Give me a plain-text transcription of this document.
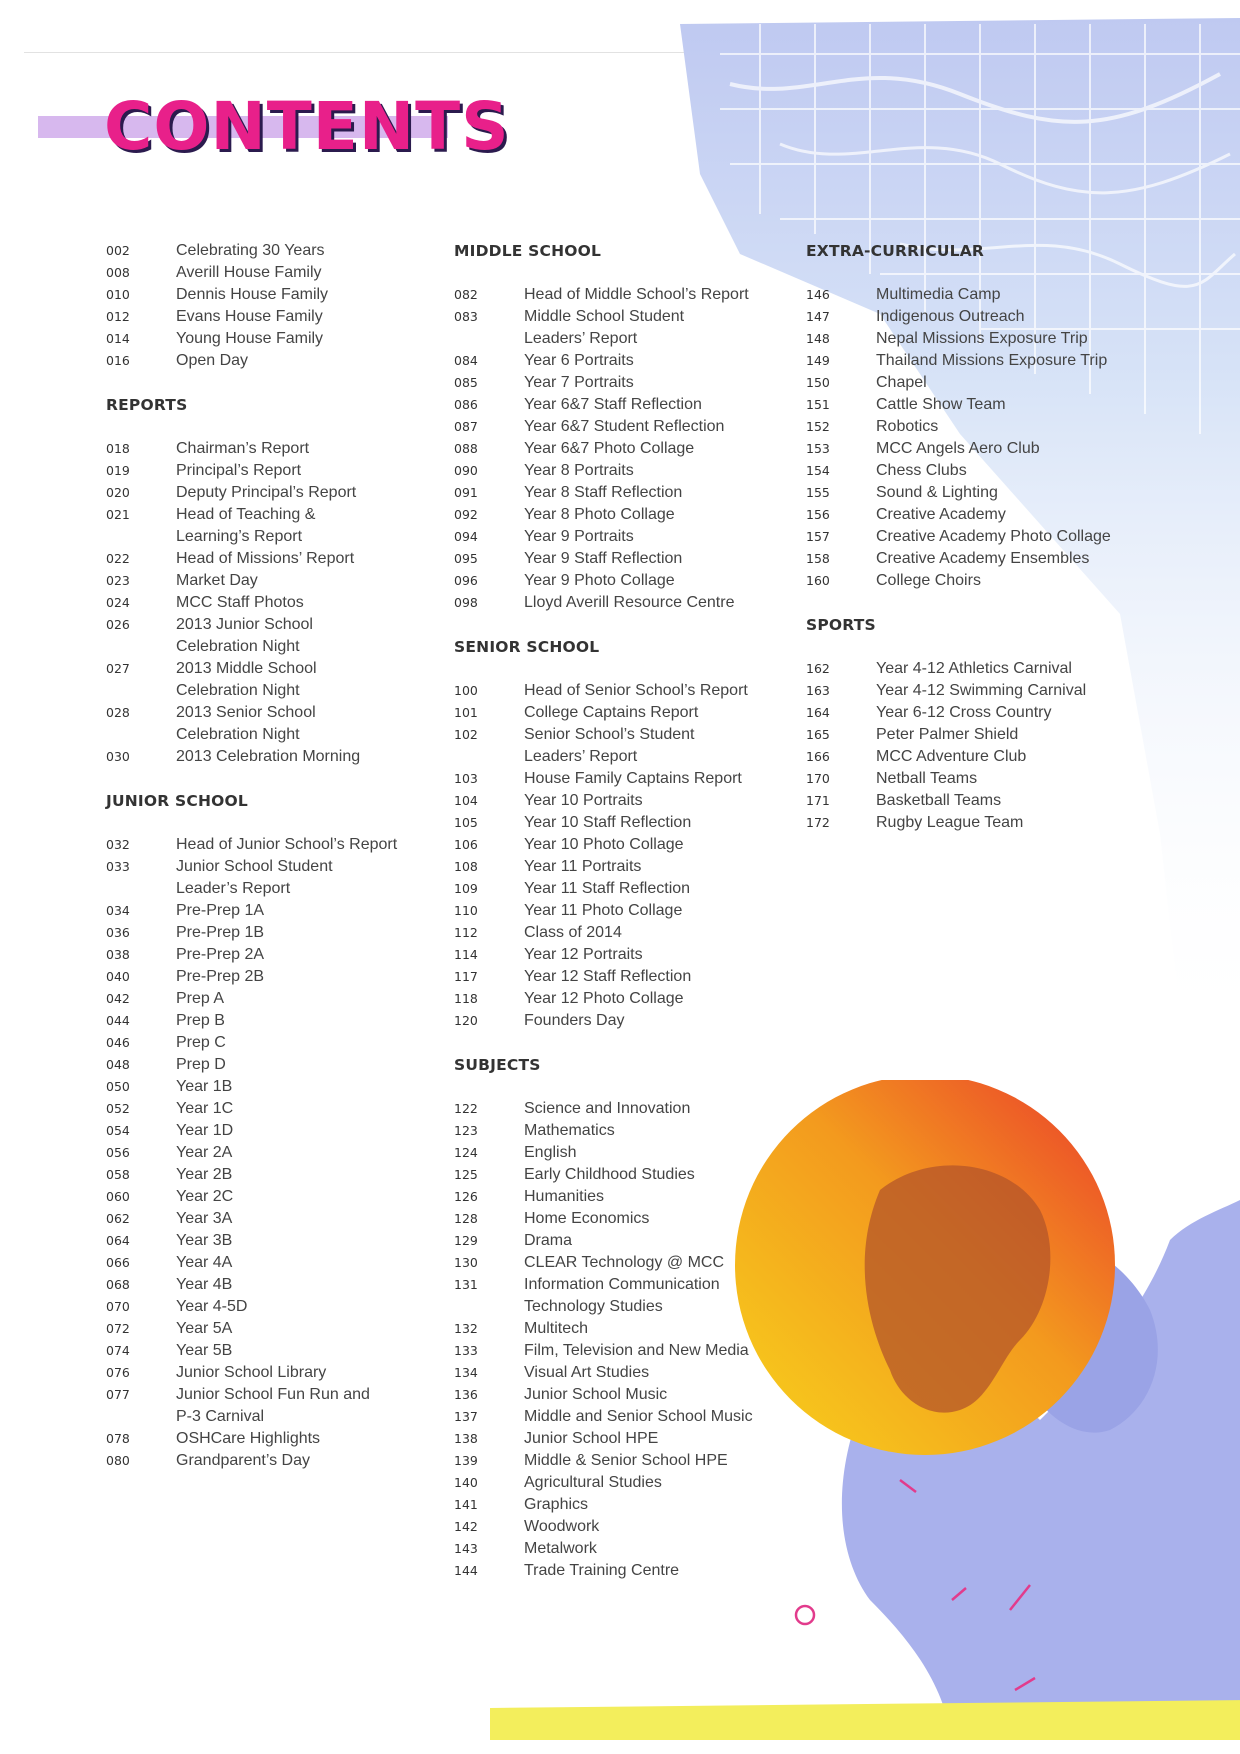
CONTENTS
002	Celebrating 30 Years
008	Averill House Family
010	Dennis House Family
012	Evans House Family
014	Young House Family
016	Open Day
REPORTS
018	Chairman’s Report
019	Principal’s Report
020	Deputy Principal’s Report
021	Head of Teaching &
Learning’s Report
022	Head of Missions’ Report
023	Market Day
024	MCC Staff Photos
026	2013 Junior School
Celebration Night
027	2013 Middle School
Celebration Night
028	2013 Senior School
Celebration Night
030	2013 Celebration Morning
JUNIOR SCHOOL
032	Head of Junior School’s Report
033	Junior School Student
Leader’s Report
034	Pre-Prep 1A
036	Pre-Prep 1B
038	Pre-Prep 2A
040	Pre-Prep 2B
042	Prep A
044	Prep B
046	Prep C
048	Prep D
050	Year 1B
052	Year 1C
054	Year 1D
056	Year 2A
058	Year 2B
060	Year 2C
062	Year 3A
064	Year 3B
066	Year 4A
068	Year 4B
070	Year 4-5D
072	Year 5A
074	Year 5B
076	Junior School Library
077	Junior School Fun Run and
P-3 Carnival
078	OSHCare Highlights
080	Grandparent’s Day
MIDDLE SCHOOL
082	Head of Middle School’s Report
083	Middle School Student
Leaders’ Report
084	Year 6 Portraits
085	Year 7 Portraits
086	Year 6&7 Staff Reflection
087	Year 6&7 Student Reflection
088	Year 6&7 Photo Collage
090	Year 8 Portraits
091	Year 8 Staff Reflection
092	Year 8 Photo Collage
094	Year 9 Portraits
095	Year 9 Staff Reflection
096	Year 9 Photo Collage
098	Lloyd Averill Resource Centre
SENIOR SCHOOL
100	Head of Senior School’s Report
101	College Captains Report
102	Senior School’s Student
Leaders’ Report
103	House Family Captains Report
104	Year 10 Portraits
105	Year 10 Staff Reflection
106	Year 10 Photo Collage
108	Year 11 Portraits
109	Year 11 Staff Reflection
110	Year 11 Photo Collage
112	Class of 2014
114	Year 12 Portraits
117	Year 12 Staff Reflection
118	Year 12 Photo Collage
120	Founders Day
SUBJECTS
122	Science and Innovation
123	Mathematics
124	English
125	Early Childhood Studies
126	Humanities
128	Home Economics
129	Drama
130	CLEAR Technology @ MCC
131	Information Communication
Technology Studies
132	Multitech
133	Film, Television and New Media
134	Visual Art Studies
136	Junior School Music
137	Middle and Senior School Music
138	Junior School HPE
139	Middle & Senior School HPE
140	Agricultural Studies
141	Graphics
142	Woodwork
143	Metalwork
144	Trade Training Centre
EXTRA-CURRICULAR
146	Multimedia Camp
147	Indigenous Outreach
148	Nepal Missions Exposure Trip
149	Thailand Missions Exposure Trip
150	Chapel
151	Cattle Show Team
152	Robotics
153	MCC Angels Aero Club
154	Chess Clubs
155	Sound & Lighting
156	Creative Academy
157	Creative Academy Photo Collage
158	Creative Academy Ensembles
160	College Choirs
SPORTS
162	Year 4-12 Athletics Carnival
163	Year 4-12 Swimming Carnival
164	Year 6-12 Cross Country
165	Peter Palmer Shield
166	MCC Adventure Club
170	Netball Teams
171	Basketball Teams
172	Rugby League Team
